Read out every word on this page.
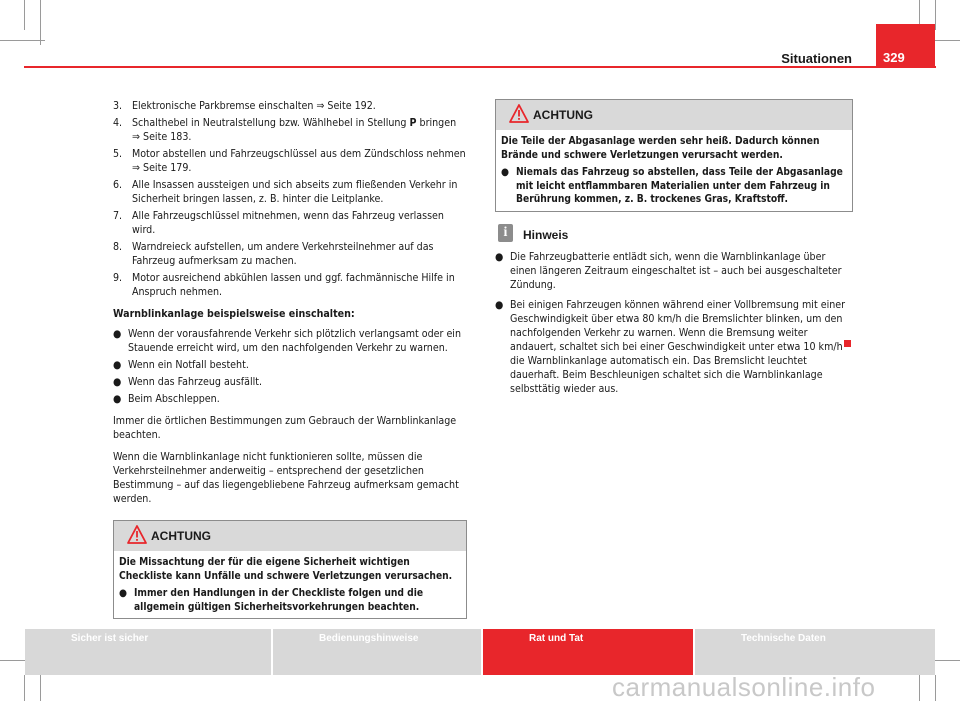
Situationen	329
3. Elektronische Parkbremse einschalten ⇒ Seite 192.
4. Schalthebel in Neutralstellung bzw. Wählhebel in Stellung P bringen ⇒ Seite 183.
5. Motor abstellen und Fahrzeugschlüssel aus dem Zündschloss nehmen ⇒ Seite 179.
6. Alle Insassen aussteigen und sich abseits zum fließenden Verkehr in Sicherheit bringen lassen, z. B. hinter die Leitplanke.
7. Alle Fahrzeugschlüssel mitnehmen, wenn das Fahrzeug verlassen wird.
8. Warndreieck aufstellen, um andere Verkehrsteilnehmer auf das Fahrzeug aufmerksam zu machen.
9. Motor ausreichend abkühlen lassen und ggf. fachmännische Hilfe in Anspruch nehmen.

Warnblinkanlage beispielsweise einschalten:

● Wenn der vorausfahrende Verkehr sich plötzlich verlangsamt oder ein Stauende erreicht wird, um den nachfolgenden Verkehr zu warnen.
● Wenn ein Notfall besteht.
● Wenn das Fahrzeug ausfällt.
● Beim Abschleppen.

Immer die örtlichen Bestimmungen zum Gebrauch der Warnblinkanlage beachten.

Wenn die Warnblinkanlage nicht funktionieren sollte, müssen die Verkehrsteilnehmer anderweitig – entsprechend der gesetzlichen Bestimmung – auf das liegengebliebene Fahrzeug aufmerksam gemacht werden.

ACHTUNG

Die Missachtung der für die eigene Sicherheit wichtigen Checkliste kann Unfälle und schwere Verletzungen verursachen.

● Immer den Handlungen in der Checkliste folgen und die allgemein gültigen Sicherheitsvorkehrungen beachten.
ACHTUNG

Die Teile der Abgasanlage werden sehr heiß. Dadurch können Brände und schwere Verletzungen verursacht werden.

● Niemals das Fahrzeug so abstellen, dass Teile der Abgasanlage mit leicht entflammbaren Materialien unter dem Fahrzeug in Berührung kommen, z. B. trockenes Gras, Kraftstoff.
i	Hinweis
● Die Fahrzeugbatterie entlädt sich, wenn die Warnblinkanlage über einen längeren Zeitraum eingeschaltet ist – auch bei ausgeschalteter Zündung.
● Bei einigen Fahrzeugen können während einer Vollbremsung mit einer Geschwindigkeit über etwa 80 km/h die Bremslichter blinken, um den nachfolgenden Verkehr zu warnen. Wenn die Bremsung weiter andauert, schaltet sich bei einer Geschwindigkeit unter etwa 10 km/h die Warnblinkanlage automatisch ein. Das Bremslicht leuchtet dauerhaft. Beim Beschleunigen schaltet sich die Warnblinkanlage selbsttätig wieder aus.
Sicher ist sicher	Bedienungshinweise	Rat und Tat	Technische Daten
carmanualsonline.info
